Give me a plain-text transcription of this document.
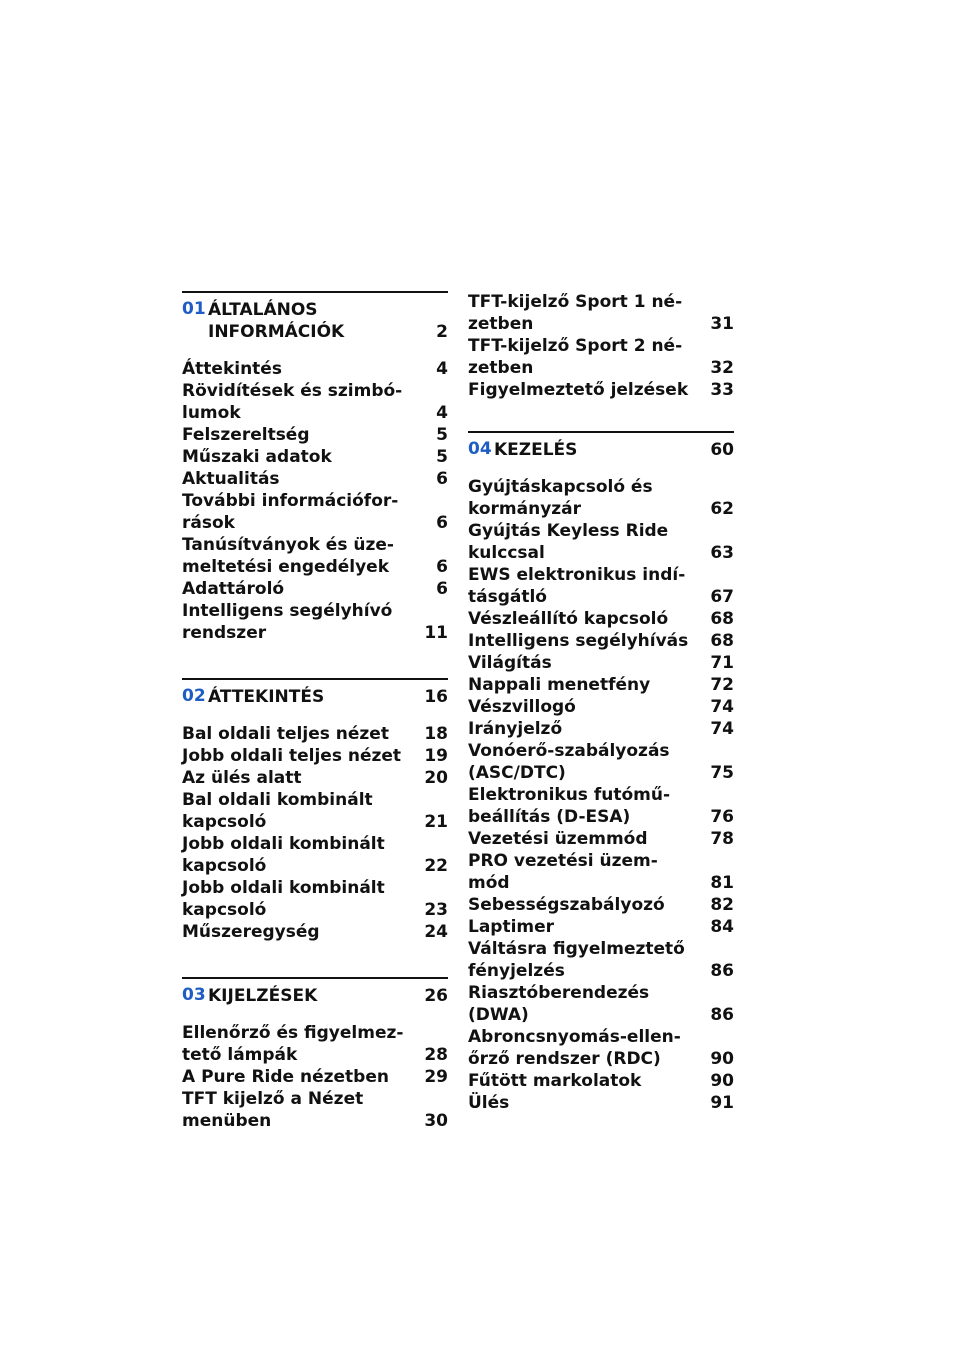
01 ÁLTALÁNOS
INFORMÁCIÓK	2
Áttekintés	4
Rövidítések és szimbó-
lumok	4
Felszereltség	5
Műszaki adatok	5
Aktualitás	6
További információfor-
rások	6
Tanúsítványok és üze-
meltetési engedélyek	6
Adattároló	6
Intelligens segélyhívó
rendszer	11
02 ÁTTEKINTÉS	16
Bal oldali teljes nézet	18
Jobb oldali teljes nézet	19
Az ülés alatt	20
Bal oldali kombinált
kapcsoló	21
Jobb oldali kombinált
kapcsoló	22
Jobb oldali kombinált
kapcsoló	23
Műszeregység	24
03 KIJELZÉSEK	26
Ellenőrző és figyelmez-
tető lámpák	28
A Pure Ride nézetben	29
TFT kijelző a Nézet
menüben	30
TFT-kijelző Sport 1 né-
zetben	31
TFT-kijelző Sport 2 né-
zetben	32
Figyelmeztető jelzések	33
04 KEZELÉS	60
Gyújtáskapcsoló és
kormányzár	62
Gyújtás Keyless Ride
kulccsal	63
EWS elektronikus indí-
tásgátló	67
Vészleállító kapcsoló	68
Intelligens segélyhívás	68
Világítás	71
Nappali menetfény	72
Vészvillogó	74
Irányjelző	74
Vonóerő-szabályozás
(ASC/DTC)	75
Elektronikus futómű-
beállítás (D-ESA)	76
Vezetési üzemmód	78
PRO vezetési üzem-
mód	81
Sebességszabályozó	82
Laptimer	84
Váltásra figyelmeztető
fényjelzés	86
Riasztóberendezés
(DWA)	86
Abroncsnyomás-ellen-
őrző rendszer (RDC)	90
Fűtött markolatok	90
Ülés	91
